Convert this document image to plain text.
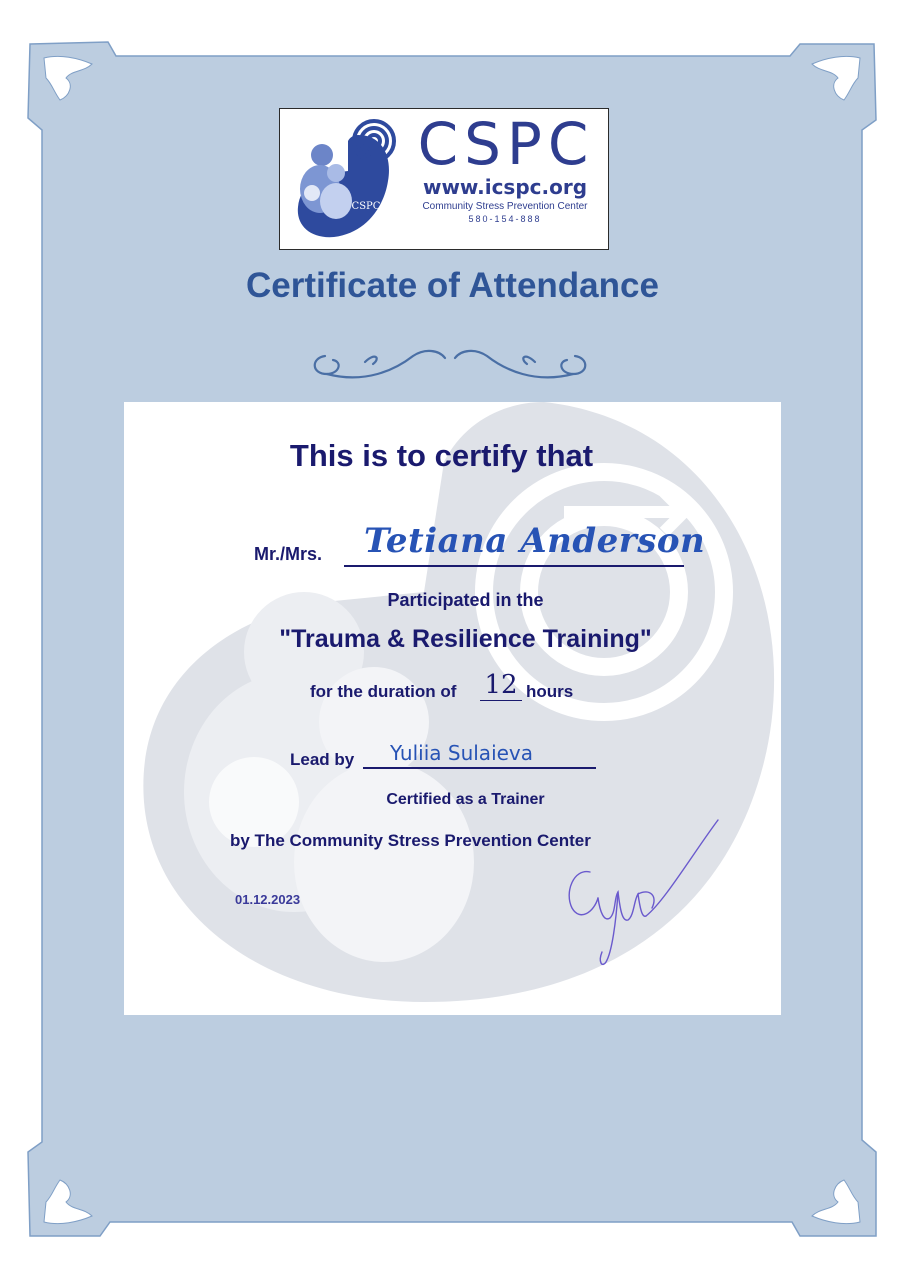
CSPC
CSPC
www.icspc.org
Community Stress Prevention Center
580-154-888
Certificate of Attendance
This is to certify that
Mr./Mrs. Tetiana Anderson
Participated in the
"Trauma & Resilience Training"
for the duration of 12 hours
Lead by Yuliia Sulaieva
Certified as a Trainer
by The Community Stress Prevention Center
01.12.2023
